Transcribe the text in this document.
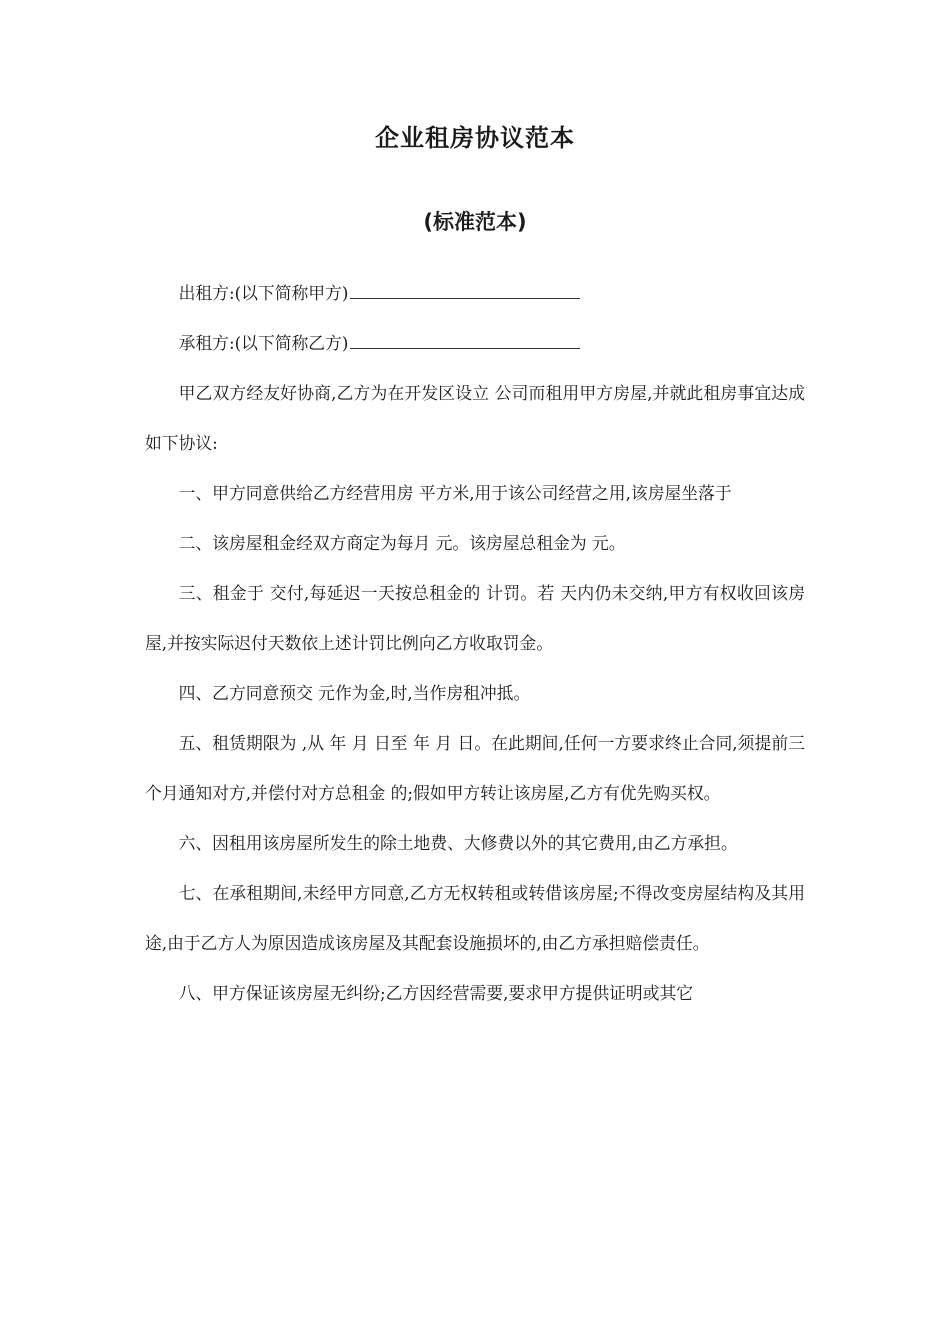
企业租房协议范本
(标准范本)

出租方:(以下简称甲方)

承租方:(以下简称乙方)

甲乙双方经友好协商,乙方为在开发区设立 公司而租用甲方房屋,并就此租房事宜达成如下协议:

一、甲方同意供给乙方经营用房 平方米,用于该公司经营之用,该房屋坐落于

二、该房屋租金经双方商定为每月 元。该房屋总租金为 元。

三、租金于 交付,每延迟一天按总租金的 计罚。若 天内仍未交纳,甲方有权收回该房屋,并按实际迟付天数依上述计罚比例向乙方收取罚金。

四、乙方同意预交 元作为金,时,当作房租冲抵。

五、租赁期限为 ,从 年 月 日至 年 月 日。在此期间,任何一方要求终止合同,须提前三个月通知对方,并偿付对方总租金 的;假如甲方转让该房屋,乙方有优先购买权。

六、因租用该房屋所发生的除土地费、大修费以外的其它费用,由乙方承担。

七、在承租期间,未经甲方同意,乙方无权转租或转借该房屋;不得改变房屋结构及其用途,由于乙方人为原因造成该房屋及其配套设施损坏的,由乙方承担赔偿责任。

八、甲方保证该房屋无纠纷;乙方因经营需要,要求甲方提供证明或其它
